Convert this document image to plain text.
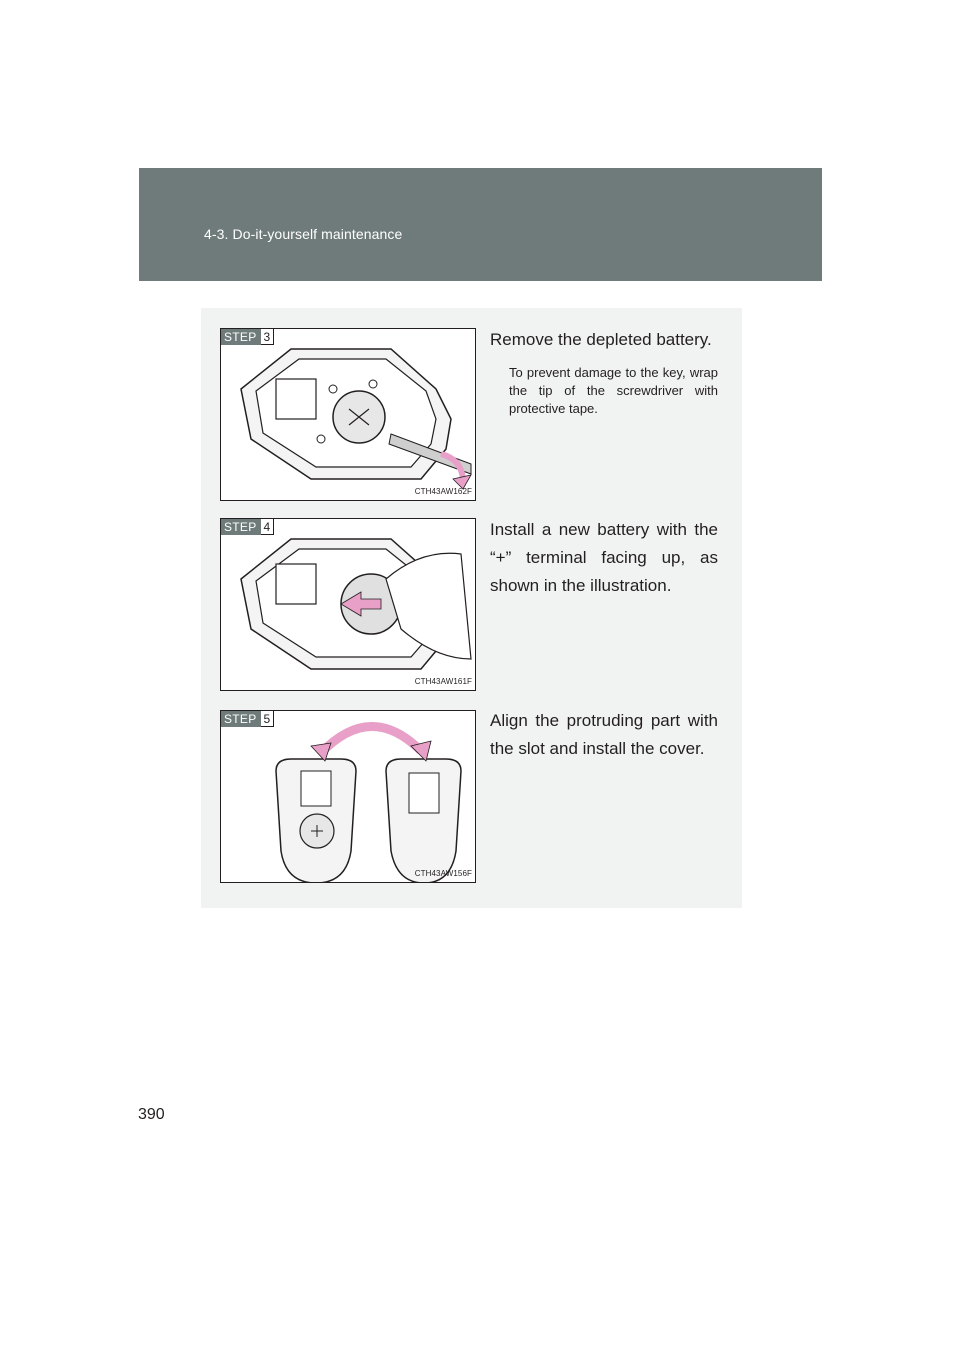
4-3. Do-it-yourself maintenance
STEP 3
CTH43AW162F
Remove the depleted battery.
To prevent damage to the key, wrap the tip of the screwdriver with protective tape.
STEP 4
CTH43AW161F
Install a new battery with the “+” terminal facing up, as shown in the illustration.
STEP 5
CTH43AW156F
Align the protruding part with the slot and install the cover.
390
